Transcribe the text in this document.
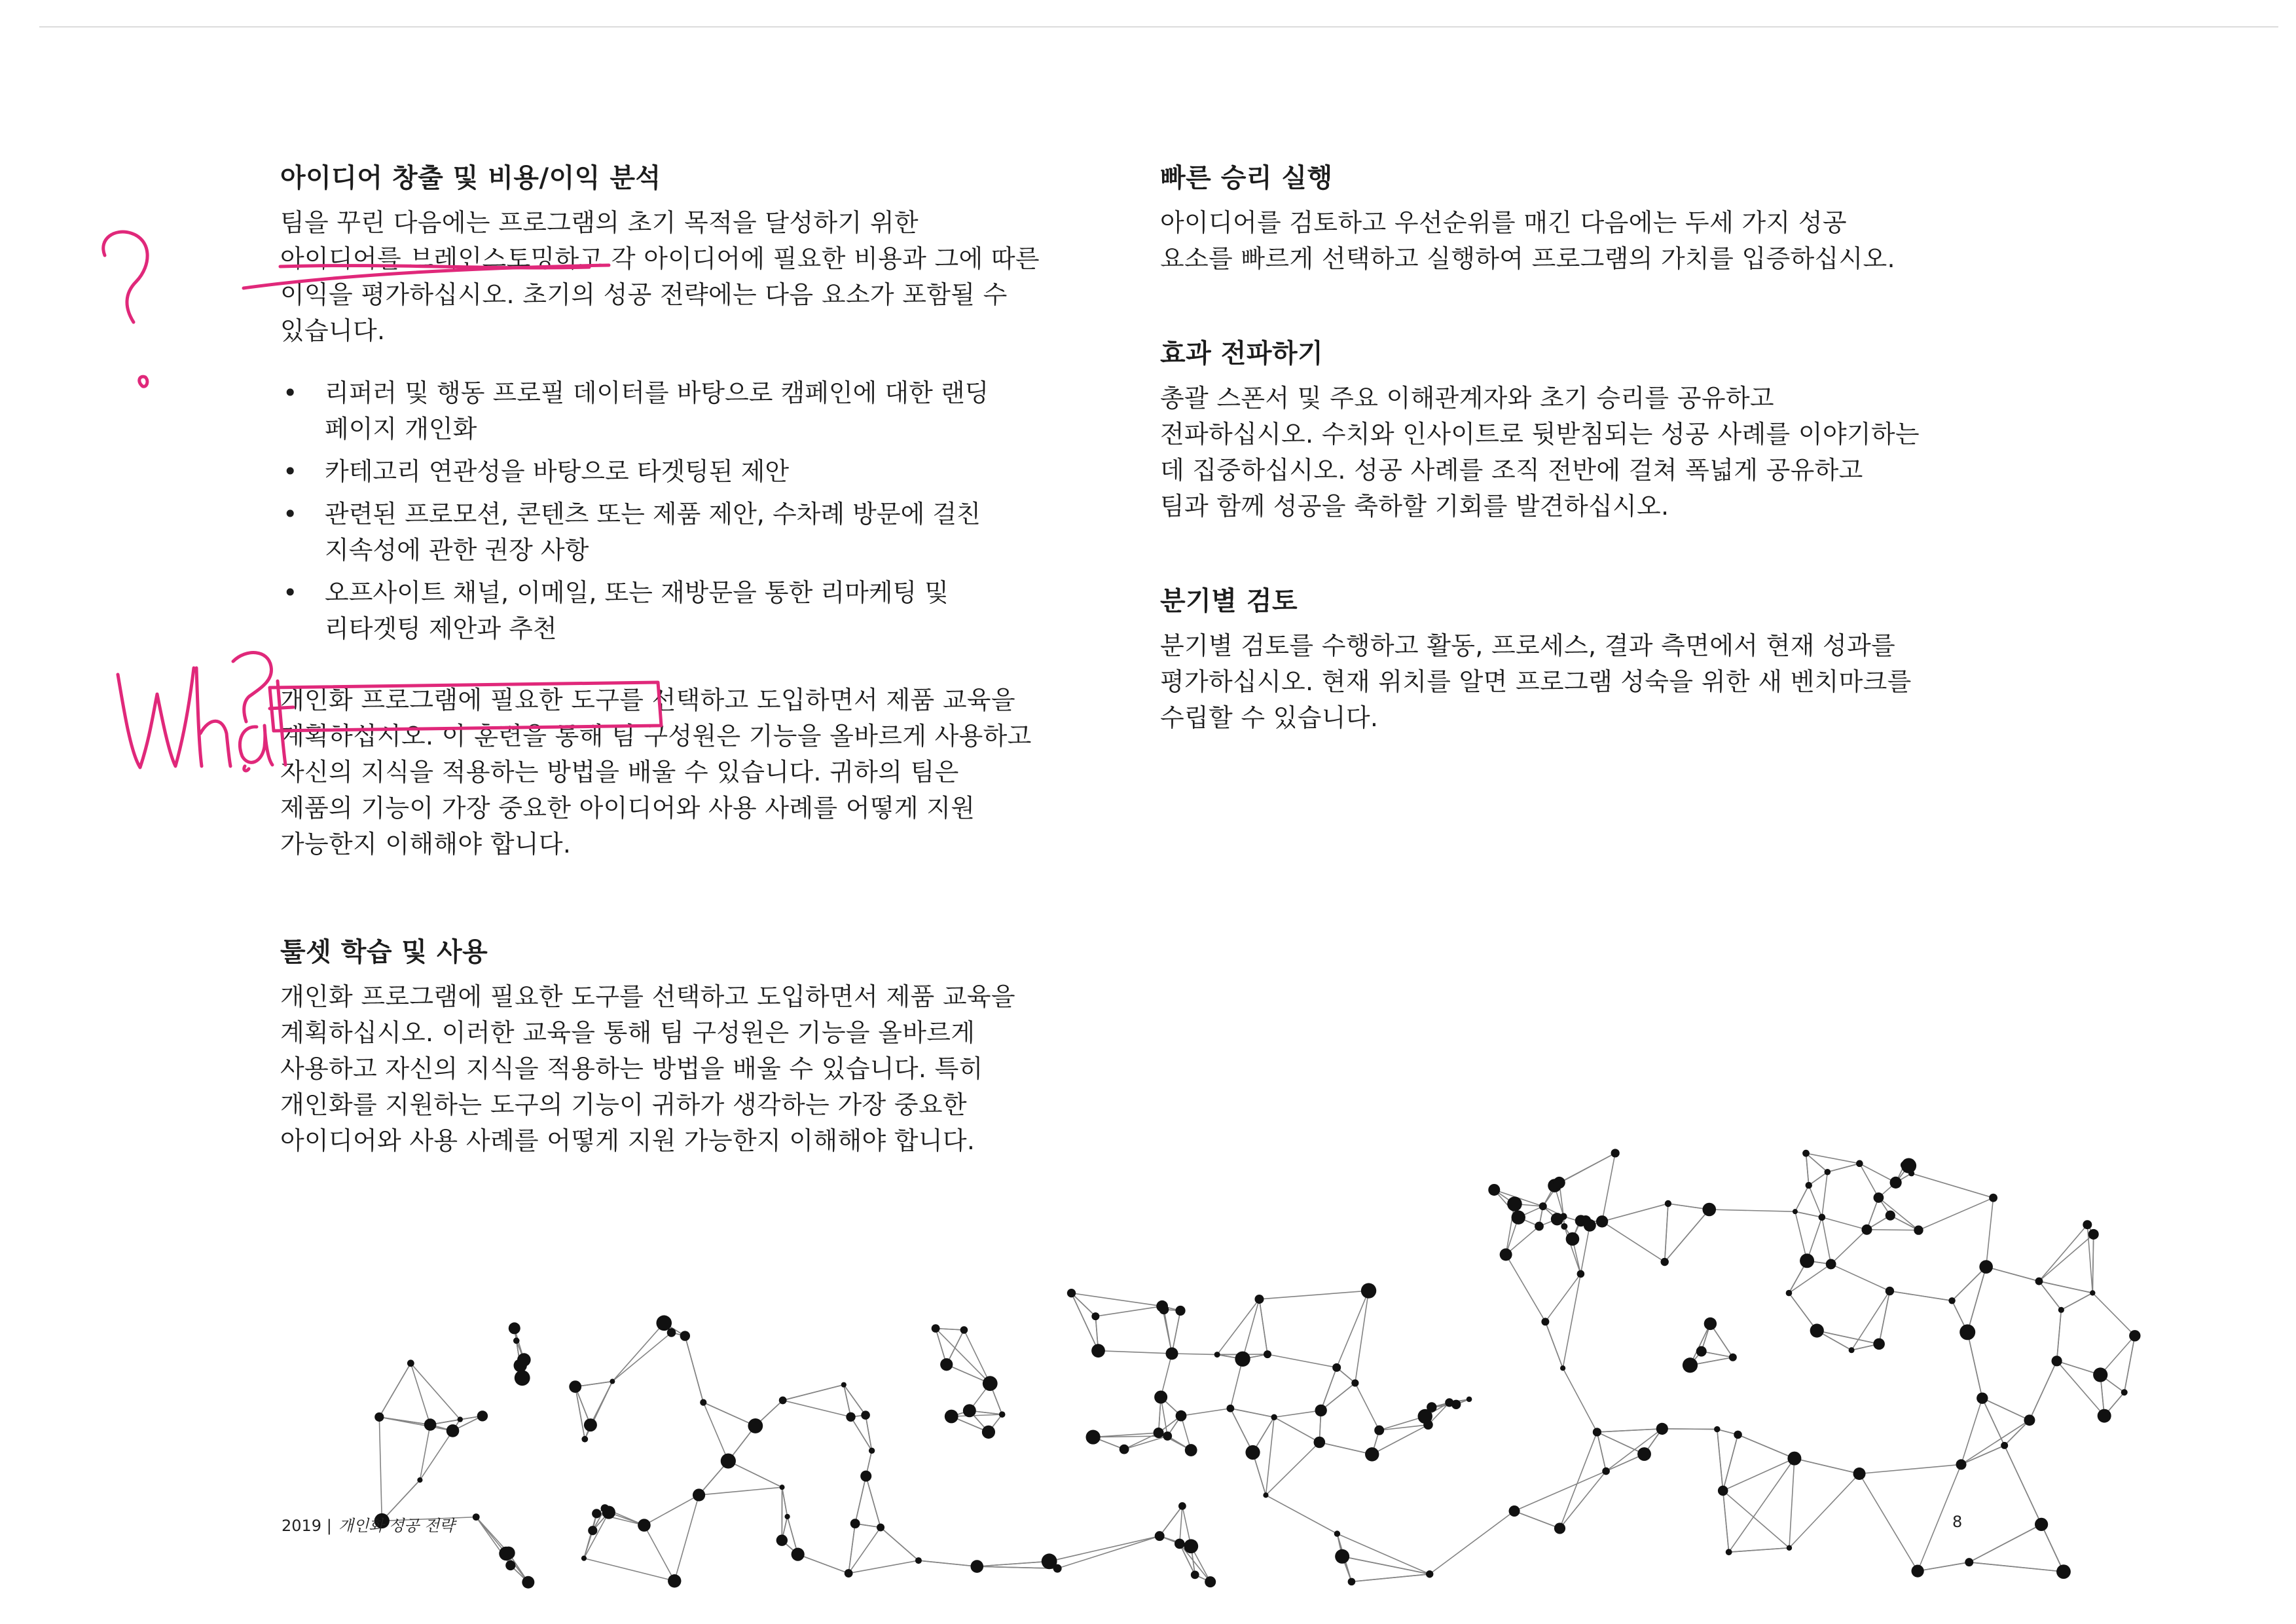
아이디어 창출 및 비용/이익 분석

팀을 꾸린 다음에는 프로그램의 초기 목적을 달성하기 위한
아이디어를 브레인스토밍하고 각 아이디어에 필요한 비용과 그에 따른
이익을 평가하십시오. 초기의 성공 전략에는 다음 요소가 포함될 수
있습니다.

• 리퍼러 및 행동 프로필 데이터를 바탕으로 캠페인에 대한 랜딩
페이지 개인화
• 카테고리 연관성을 바탕으로 타겟팅된 제안
• 관련된 프로모션, 콘텐츠 또는 제품 제안, 수차례 방문에 걸친
지속성에 관한 권장 사항
• 오프사이트 채널, 이메일, 또는 재방문을 통한 리마케팅 및
리타겟팅 제안과 추천

개인화 프로그램에 필요한 도구를 선택하고 도입하면서 제품 교육을
계획하십시오. 이 훈련을 통해 팀 구성원은 기능을 올바르게 사용하고
자신의 지식을 적용하는 방법을 배울 수 있습니다. 귀하의 팀은
제품의 기능이 가장 중요한 아이디어와 사용 사례를 어떻게 지원
가능한지 이해해야 합니다.

툴셋 학습 및 사용

개인화 프로그램에 필요한 도구를 선택하고 도입하면서 제품 교육을
계획하십시오. 이러한 교육을 통해 팀 구성원은 기능을 올바르게
사용하고 자신의 지식을 적용하는 방법을 배울 수 있습니다. 특히
개인화를 지원하는 도구의 기능이 귀하가 생각하는 가장 중요한
아이디어와 사용 사례를 어떻게 지원 가능한지 이해해야 합니다.

빠른 승리 실행

아이디어를 검토하고 우선순위를 매긴 다음에는 두세 가지 성공
요소를 빠르게 선택하고 실행하여 프로그램의 가치를 입증하십시오.

효과 전파하기

총괄 스폰서 및 주요 이해관계자와 초기 승리를 공유하고
전파하십시오. 수치와 인사이트로 뒷받침되는 성공 사례를 이야기하는
데 집중하십시오. 성공 사례를 조직 전반에 걸쳐 폭넓게 공유하고
팀과 함께 성공을 축하할 기회를 발견하십시오.

분기별 검토

분기별 검토를 수행하고 활동, 프로세스, 결과 측면에서 현재 성과를
평가하십시오. 현재 위치를 알면 프로그램 성숙을 위한 새 벤치마크를
수립할 수 있습니다.

2019 | 개인화 성공 전략	8
